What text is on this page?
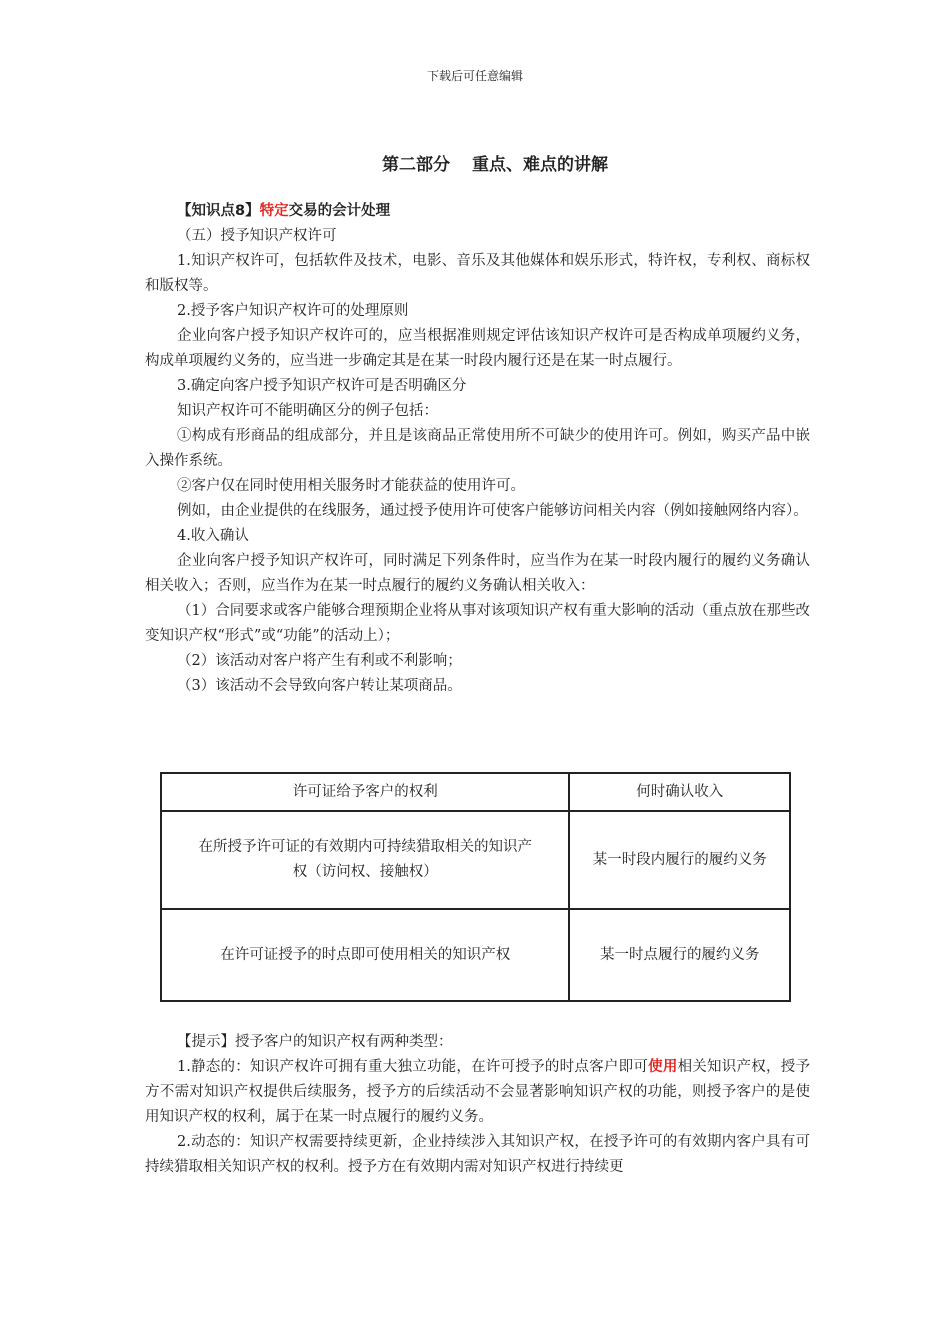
下载后可任意编辑
第二部分 重点、难点的讲解

【知识点8】特定交易的会计处理

（五）授予知识产权许可

1.知识产权许可，包括软件及技术，电影、音乐及其他媒体和娱乐形式，特许权，专利权、商标权和版权等。

2.授予客户知识产权许可的处理原则

企业向客户授予知识产权许可的，应当根据准则规定评估该知识产权许可是否构成单项履约义务，构成单项履约义务的，应当进一步确定其是在某一时段内履行还是在某一时点履行。

3.确定向客户授予知识产权许可是否明确区分

知识产权许可不能明确区分的例子包括：

①构成有形商品的组成部分，并且是该商品正常使用所不可缺少的使用许可。例如，购买产品中嵌入操作系统。

②客户仅在同时使用相关服务时才能获益的使用许可。

例如，由企业提供的在线服务，通过授予使用许可使客户能够访问相关内容（例如接触网络内容）。

4.收入确认

企业向客户授予知识产权许可，同时满足下列条件时，应当作为在某一时段内履行的履约义务确认相关收入；否则，应当作为在某一时点履行的履约义务确认相关收入：

（1）合同要求或客户能够合理预期企业将从事对该项知识产权有重大影响的活动（重点放在那些改变知识产权“形式”或“功能”的活动上）；

（2）该活动对客户将产生有利或不利影响；

（3）该活动不会导致向客户转让某项商品。

许可证给予客户的权利	何时确认收入
在所授予许可证的有效期内可持续猎取相关的知识产权（访问权、接触权）	某一时段内履行的履约义务
在许可证授予的时点即可使用相关的知识产权	某一时点履行的履约义务

【提示】授予客户的知识产权有两种类型：

1.静态的：知识产权许可拥有重大独立功能，在许可授予的时点客户即可使用相关知识产权，授予方不需对知识产权提供后续服务，授予方的后续活动不会显著影响知识产权的功能，则授予客户的是使用知识产权的权利，属于在某一时点履行的履约义务。

2.动态的：知识产权需要持续更新，企业持续涉入其知识产权，在授予许可的有效期内客户具有可持续猎取相关知识产权的权利。授予方在有效期内需对知识产权进行持续更
